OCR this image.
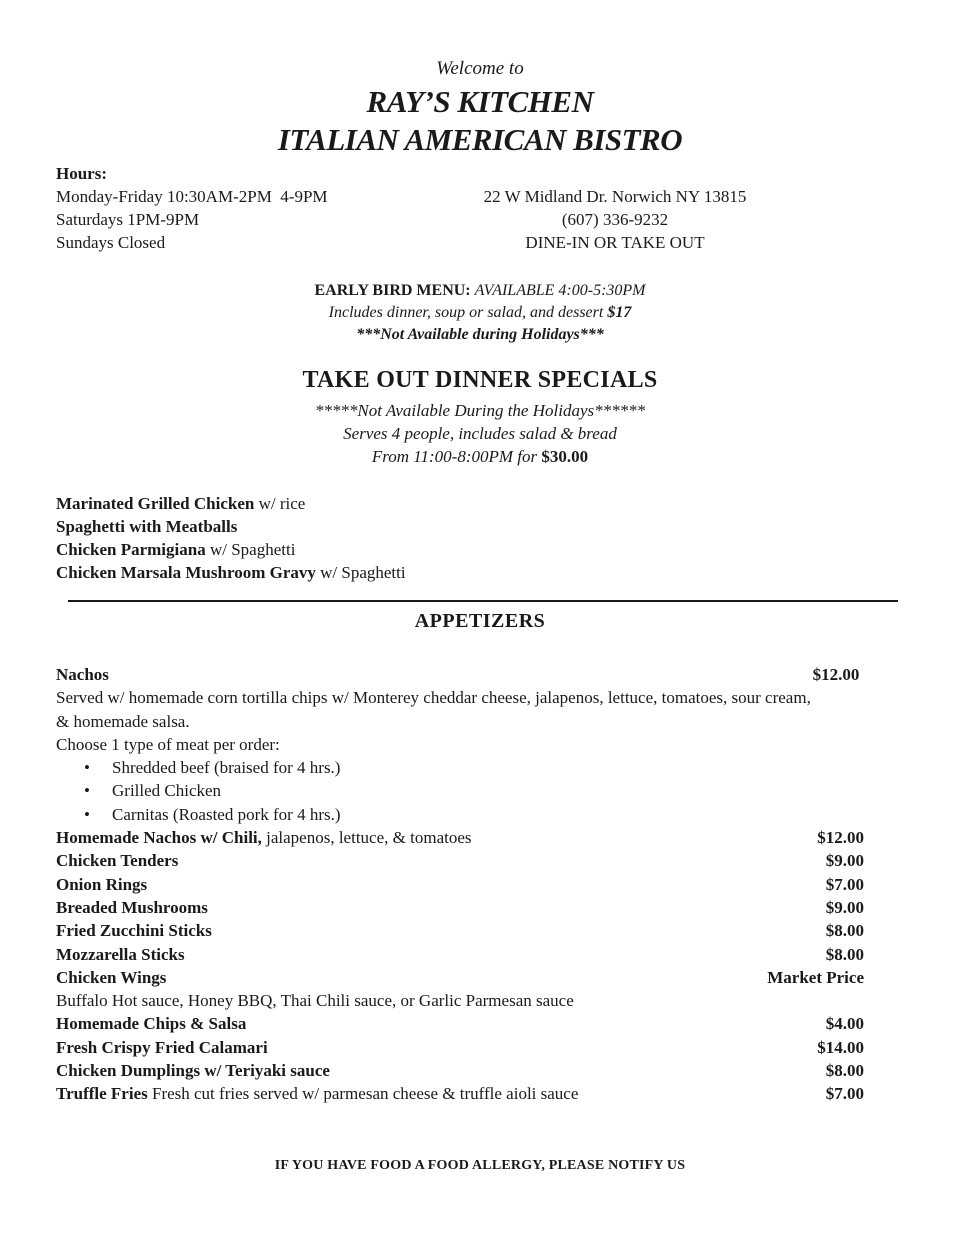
Welcome to
RAY’S KITCHEN
ITALIAN AMERICAN BISTRO
Hours:
Monday-Friday 10:30AM-2PM  4-9PM
Saturdays 1PM-9PM
Sundays Closed
22 W Midland Dr. Norwich NY 13815
(607) 336-9232
DINE-IN OR TAKE OUT
EARLY BIRD MENU: AVAILABLE 4:00-5:30PM
Includes dinner, soup or salad, and dessert $17
***Not Available during Holidays***
TAKE OUT DINNER SPECIALS
*****Not Available During the Holidays******
Serves 4 people, includes salad & bread
From 11:00-8:00PM for $30.00
Marinated Grilled Chicken w/ rice
Spaghetti with Meatballs
Chicken Parmigiana w/ Spaghetti
Chicken Marsala Mushroom Gravy w/ Spaghetti
APPETIZERS
Nachos	$12.00
Served w/ homemade corn tortilla chips w/ Monterey cheddar cheese, jalapenos, lettuce, tomatoes, sour cream,
& homemade salsa.
Choose 1 type of meat per order:
• Shredded beef (braised for 4 hrs.)
• Grilled Chicken
• Carnitas (Roasted pork for 4 hrs.)
Homemade Nachos w/ Chili, jalapenos, lettuce, & tomatoes	$12.00
Chicken Tenders	$9.00
Onion Rings	$7.00
Breaded Mushrooms	$9.00
Fried Zucchini Sticks	$8.00
Mozzarella Sticks	$8.00
Chicken Wings	Market Price
Buffalo Hot sauce, Honey BBQ, Thai Chili sauce, or Garlic Parmesan sauce
Homemade Chips & Salsa	$4.00
Fresh Crispy Fried Calamari	$14.00
Chicken Dumplings w/ Teriyaki sauce	$8.00
Truffle Fries Fresh cut fries served w/ parmesan cheese & truffle aioli sauce	$7.00
IF YOU HAVE FOOD A FOOD ALLERGY, PLEASE NOTIFY US
